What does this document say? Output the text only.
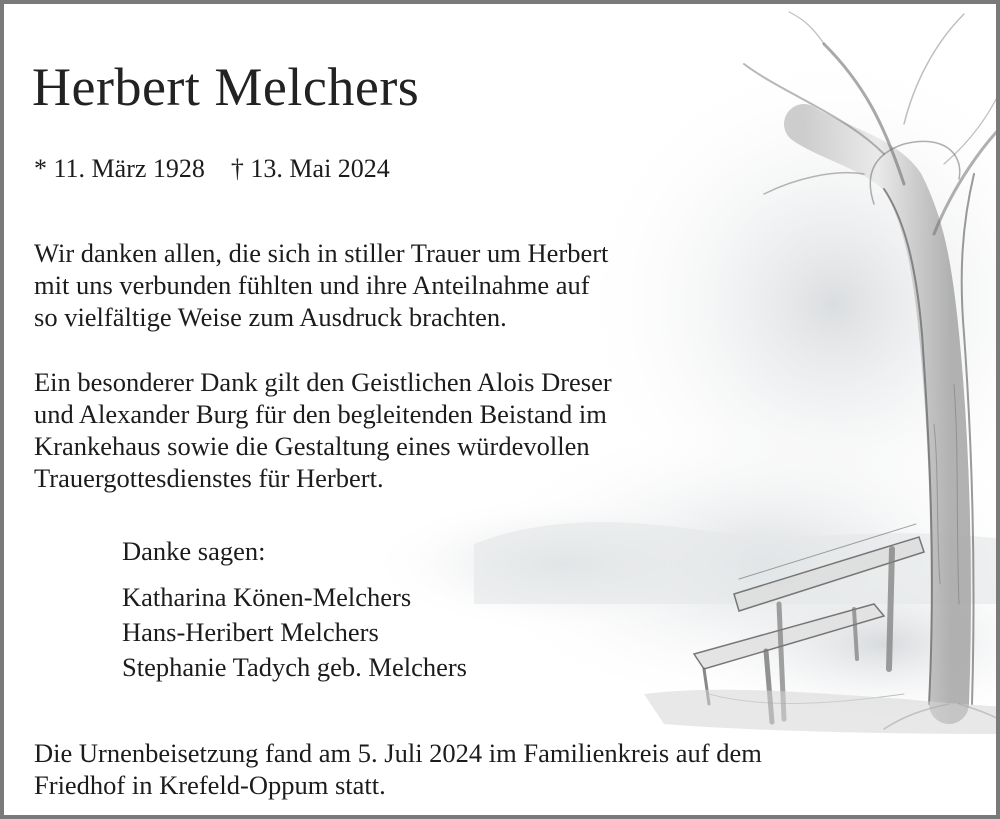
Herbert Melchers
* 11. März 1928 † 13. Mai 2024

Wir danken allen, die sich in stiller Trauer um Herbert
mit uns verbunden fühlten und ihre Anteilnahme auf
so vielfältige Weise zum Ausdruck brachten.

Ein besonderer Dank gilt den Geistlichen Alois Dreser
und Alexander Burg für den begleitenden Beistand im
Krankehaus sowie die Gestaltung eines würdevollen
Trauergottesdienstes für Herbert.

Danke sagen:
Katharina Könen-Melchers
Hans-Heribert Melchers
Stephanie Tadych geb. Melchers

Die Urnenbeisetzung fand am 5. Juli 2024 im Familienkreis auf dem
Friedhof in Krefeld-Oppum statt.
